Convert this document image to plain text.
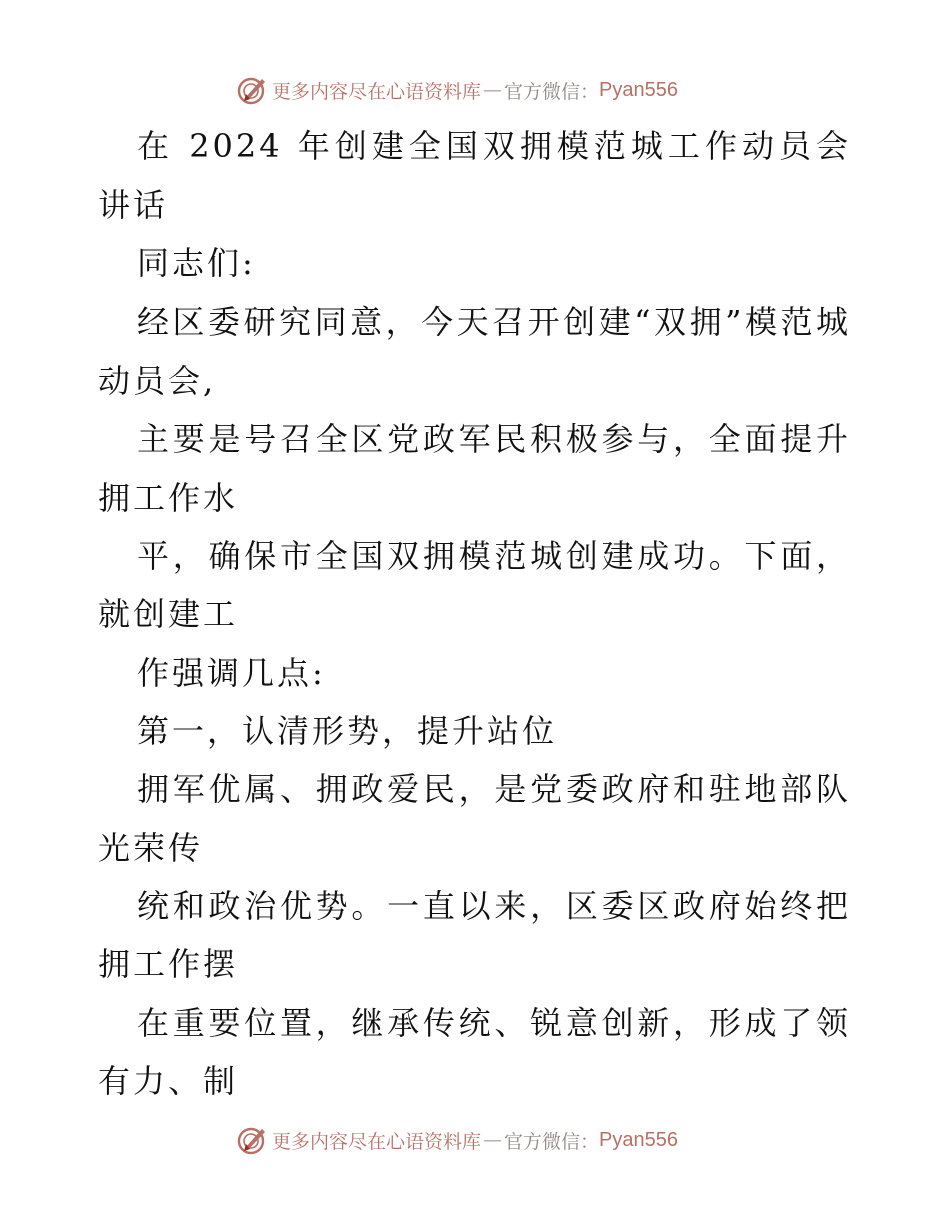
更多内容尽在心语资料库 — 官方微信： Pyan556
在 2024 年创建全国双拥模范城工作动员会
讲话
同志们:
经区委研究同意，今天召开创建“双拥”模范城
动员会,
主要是号召全区党政军民积极参与，全面提升
拥工作水
平，确保市全国双拥模范城创建成功。下面，
就创建工
作强调几点:
第一，认清形势，提升站位
拥军优属、拥政爱民，是党委政府和驻地部队
光荣传
统和政治优势。一直以来，区委区政府始终把
拥工作摆
在重要位置，继承传统、锐意创新，形成了领
有力、制
更多内容尽在心语资料库 — 官方微信： Pyan556
